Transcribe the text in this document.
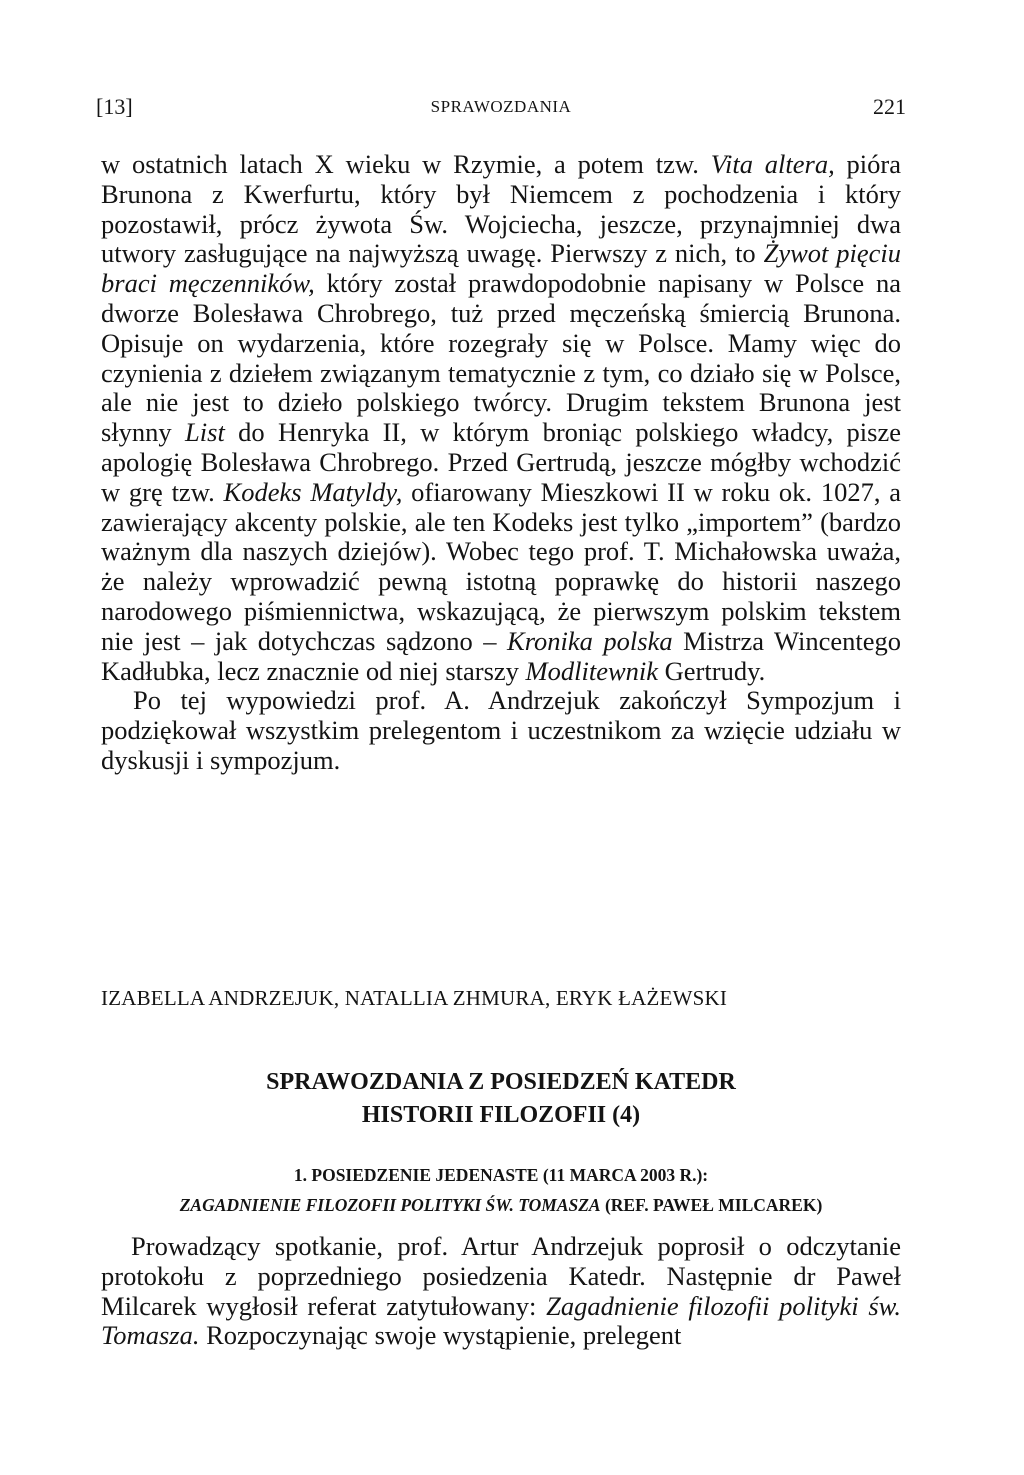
[13]	SPRAWOZDANIA	221

w ostatnich latach X wieku w Rzymie, a potem tzw. Vita altera, pióra Brunona z Kwerfurtu, który był Niemcem z pochodzenia i który pozostawił, prócz żywota Św. Wojciecha, jeszcze, przynajmniej dwa utwory zasługujące na najwyższą uwagę. Pierwszy z nich, to Żywot pięciu braci męczenników, który został prawdopodobnie napisany w Polsce na dworze Bolesława Chrobrego, tuż przed męczeńską śmiercią Brunona. Opisuje on wydarzenia, które rozegrały się w Polsce. Mamy więc do czynienia z dziełem związanym tematycznie z tym, co działo się w Polsce, ale nie jest to dzieło polskiego twórcy. Drugim tekstem Brunona jest słynny List do Henryka II, w którym broniąc polskiego władcy, pisze apologię Bolesława Chrobrego. Przed Gertrudą, jeszcze mógłby wchodzić w grę tzw. Kodeks Matyldy, ofiarowany Mieszkowi II w roku ok. 1027, a zawierający akcenty polskie, ale ten Kodeks jest tylko „importem” (bardzo ważnym dla naszych dziejów). Wobec tego prof. T. Michałowska uważa, że należy wprowadzić pewną istotną poprawkę do historii naszego narodowego piśmiennictwa, wskazującą, że pierwszym polskim tekstem nie jest – jak dotychczas sądzono – Kronika polska Mistrza Wincentego Kadłubka, lecz znacznie od niej starszy Modlitewnik Gertrudy.

Po tej wypowiedzi prof. A. Andrzejuk zakończył Sympozjum i podziękował wszystkim prelegentom i uczestnikom za wzięcie udziału w dyskusji i sympozjum.

IZABELLA ANDRZEJUK, NATALLIA ZHMURA, ERYK ŁAŻEWSKI
SPRAWOZDANIA Z POSIEDZEŃ KATEDR
HISTORII FILOZOFII (4)
1. POSIEDZENIE JEDENASTE (11 MARCA 2003 R.):
ZAGADNIENIE FILOZOFII POLITYKI ŚW. TOMASZA (REF. PAWEŁ MILCAREK)

Prowadzący spotkanie, prof. Artur Andrzejuk poprosił o odczytanie protokołu z poprzedniego posiedzenia Katedr. Następnie dr Paweł Milcarek wygłosił referat zatytułowany: Zagadnienie filozofii polityki św. Tomasza. Rozpoczynając swoje wystąpienie, prelegent
